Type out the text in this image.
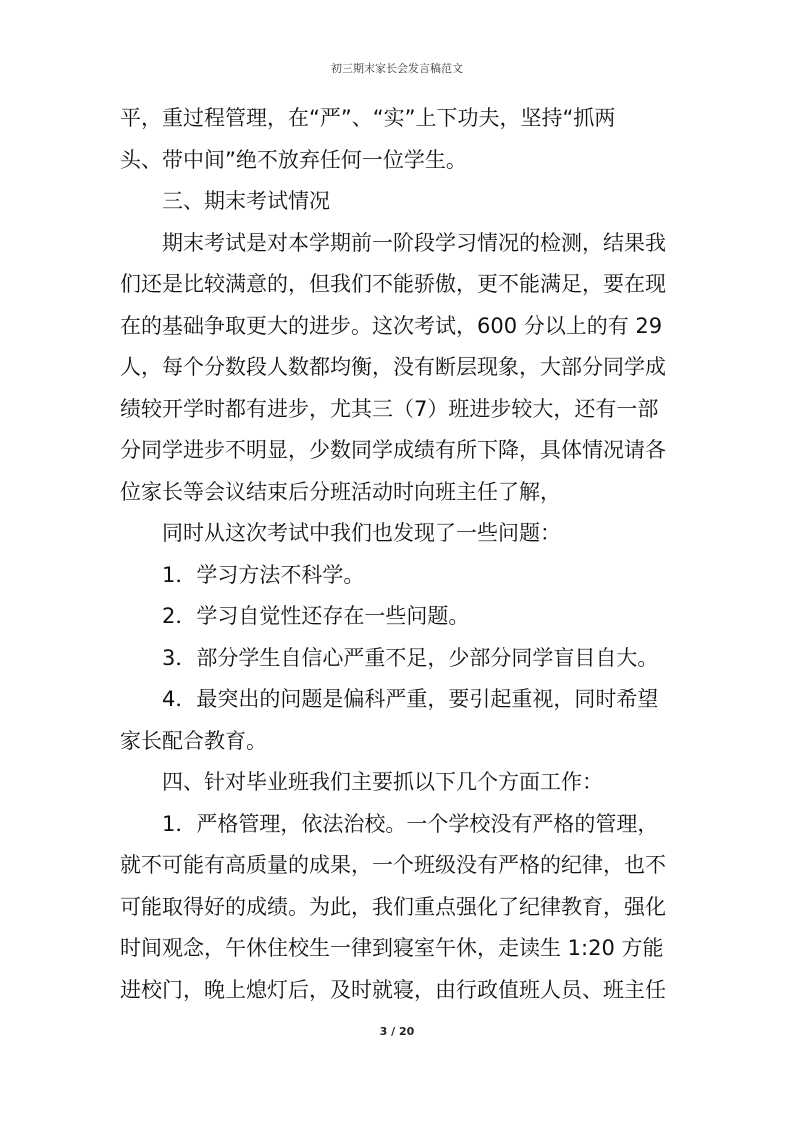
初三期末家长会发言稿范文
平，重过程管理，在“严”、“实”上下功夫，坚持“抓两
头、带中间”绝不放弃任何一位学生。
三、期末考试情况
期末考试是对本学期前一阶段学习情况的检测，结果我
们还是比较满意的，但我们不能骄傲，更不能满足，要在现
在的基础争取更大的进步。这次考试，600 分以上的有 29
人，每个分数段人数都均衡，没有断层现象，大部分同学成
绩较开学时都有进步，尤其三（7）班进步较大，还有一部
分同学进步不明显，少数同学成绩有所下降，具体情况请各
位家长等会议结束后分班活动时向班主任了解，
同时从这次考试中我们也发现了一些问题：
1．学习方法不科学。
2．学习自觉性还存在一些问题。
3．部分学生自信心严重不足，少部分同学盲目自大。
4．最突出的问题是偏科严重，要引起重视，同时希望
家长配合教育。
四、针对毕业班我们主要抓以下几个方面工作：
1．严格管理，依法治校。一个学校没有严格的管理，
就不可能有高质量的成果，一个班级没有严格的纪律，也不
可能取得好的成绩。为此，我们重点强化了纪律教育，强化
时间观念，午休住校生一律到寝室午休，走读生 1:20 方能
进校门，晚上熄灯后，及时就寝，由行政值班人员、班主任
3 / 20
